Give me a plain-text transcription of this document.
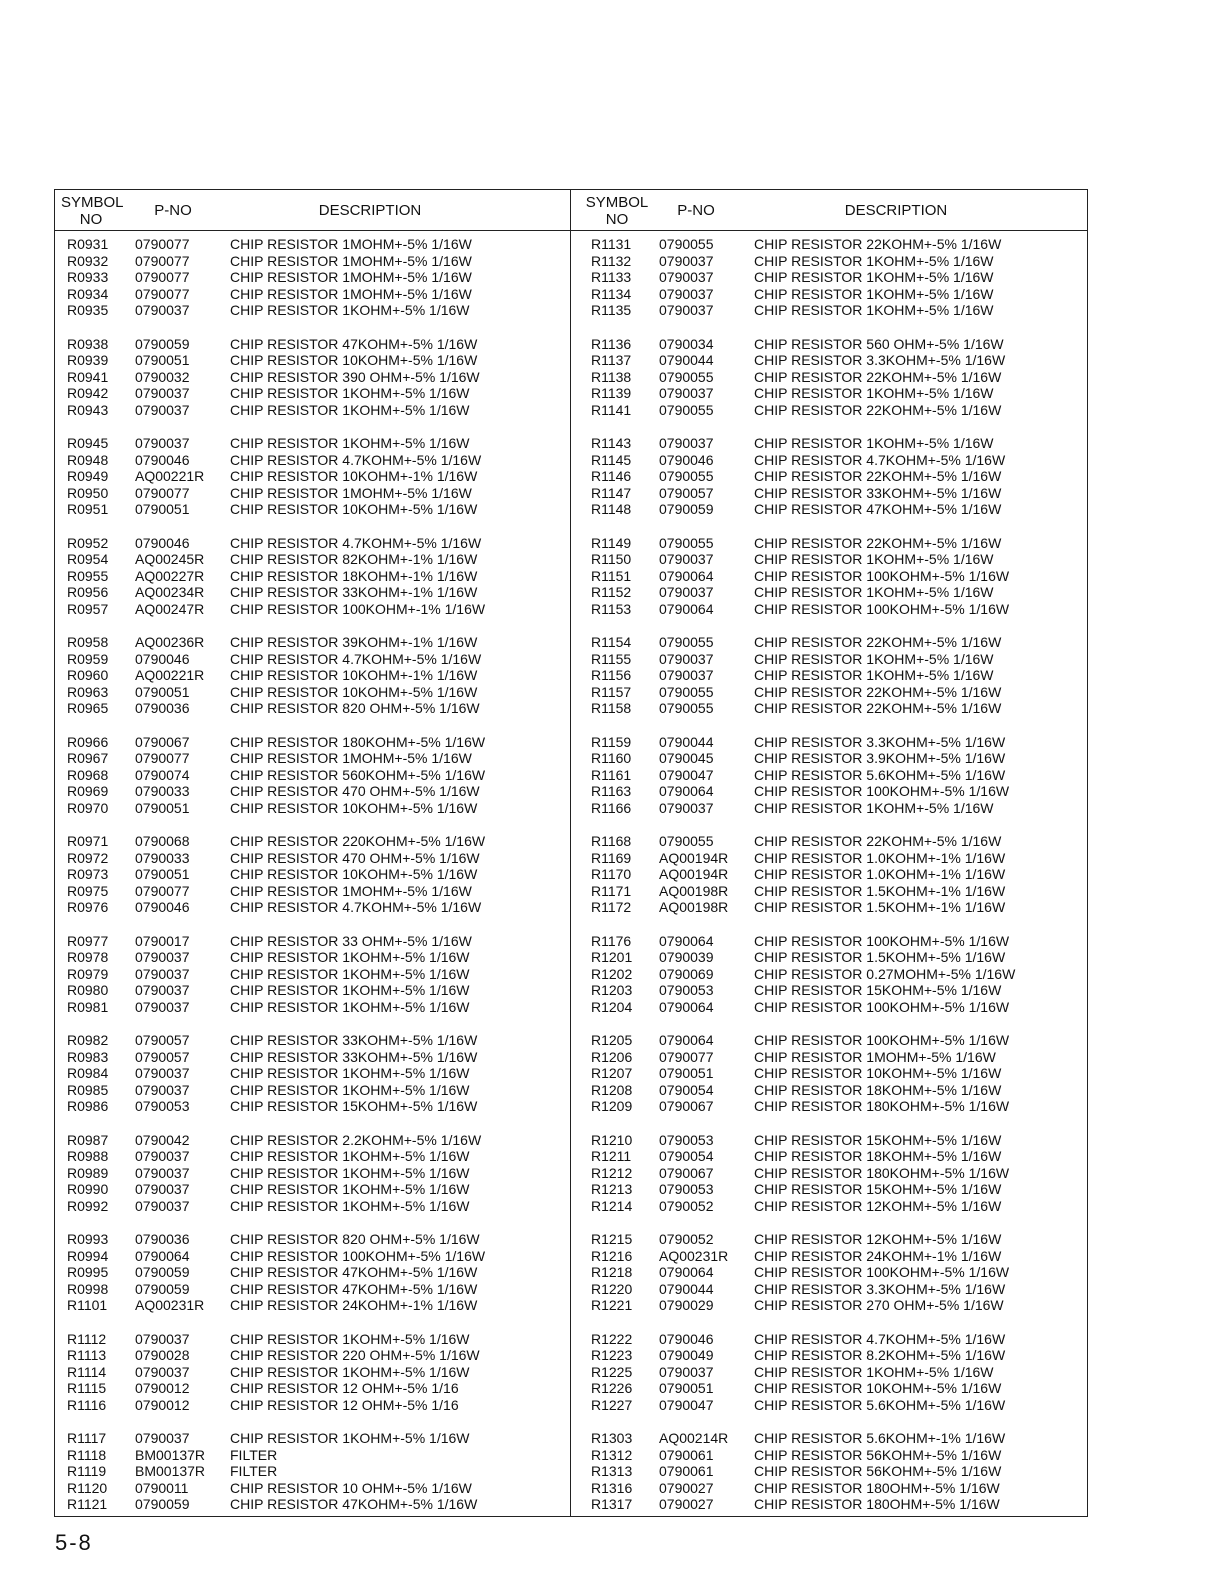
SYMBOL
NO
P-NO	DESCRIPTION	SYMBOL
NO
P-NO	DESCRIPTION
R0931	0790077	CHIP RESISTOR 1MOHM+-5% 1/16W
R0932	0790077	CHIP RESISTOR 1MOHM+-5% 1/16W
R0933	0790077	CHIP RESISTOR 1MOHM+-5% 1/16W
R0934	0790077	CHIP RESISTOR 1MOHM+-5% 1/16W
R0935	0790037	CHIP RESISTOR 1KOHM+-5% 1/16W
R0938	0790059	CHIP RESISTOR 47KOHM+-5% 1/16W
R0939	0790051	CHIP RESISTOR 10KOHM+-5% 1/16W
R0941	0790032	CHIP RESISTOR 390 OHM+-5% 1/16W
R0942	0790037	CHIP RESISTOR 1KOHM+-5% 1/16W
R0943	0790037	CHIP RESISTOR 1KOHM+-5% 1/16W
R0945	0790037	CHIP RESISTOR 1KOHM+-5% 1/16W
R0948	0790046	CHIP RESISTOR 4.7KOHM+-5% 1/16W
R0949	AQ00221R	CHIP RESISTOR 10KOHM+-1% 1/16W
R0950	0790077	CHIP RESISTOR 1MOHM+-5% 1/16W
R0951	0790051	CHIP RESISTOR 10KOHM+-5% 1/16W
R0952	0790046	CHIP RESISTOR 4.7KOHM+-5% 1/16W
R0954	AQ00245R	CHIP RESISTOR 82KOHM+-1% 1/16W
R0955	AQ00227R	CHIP RESISTOR 18KOHM+-1% 1/16W
R0956	AQ00234R	CHIP RESISTOR 33KOHM+-1% 1/16W
R0957	AQ00247R	CHIP RESISTOR 100KOHM+-1% 1/16W
R0958	AQ00236R	CHIP RESISTOR 39KOHM+-1% 1/16W
R0959	0790046	CHIP RESISTOR 4.7KOHM+-5% 1/16W
R0960	AQ00221R	CHIP RESISTOR 10KOHM+-1% 1/16W
R0963	0790051	CHIP RESISTOR 10KOHM+-5% 1/16W
R0965	0790036	CHIP RESISTOR 820 OHM+-5% 1/16W
R0966	0790067	CHIP RESISTOR 180KOHM+-5% 1/16W
R0967	0790077	CHIP RESISTOR 1MOHM+-5% 1/16W
R0968	0790074	CHIP RESISTOR 560KOHM+-5% 1/16W
R0969	0790033	CHIP RESISTOR 470 OHM+-5% 1/16W
R0970	0790051	CHIP RESISTOR 10KOHM+-5% 1/16W
R0971	0790068	CHIP RESISTOR 220KOHM+-5% 1/16W
R0972	0790033	CHIP RESISTOR 470 OHM+-5% 1/16W
R0973	0790051	CHIP RESISTOR 10KOHM+-5% 1/16W
R0975	0790077	CHIP RESISTOR 1MOHM+-5% 1/16W
R0976	0790046	CHIP RESISTOR 4.7KOHM+-5% 1/16W
R0977	0790017	CHIP RESISTOR 33 OHM+-5% 1/16W
R0978	0790037	CHIP RESISTOR 1KOHM+-5% 1/16W
R0979	0790037	CHIP RESISTOR 1KOHM+-5% 1/16W
R0980	0790037	CHIP RESISTOR 1KOHM+-5% 1/16W
R0981	0790037	CHIP RESISTOR 1KOHM+-5% 1/16W
R0982	0790057	CHIP RESISTOR 33KOHM+-5% 1/16W
R0983	0790057	CHIP RESISTOR 33KOHM+-5% 1/16W
R0984	0790037	CHIP RESISTOR 1KOHM+-5% 1/16W
R0985	0790037	CHIP RESISTOR 1KOHM+-5% 1/16W
R0986	0790053	CHIP RESISTOR 15KOHM+-5% 1/16W
R0987	0790042	CHIP RESISTOR 2.2KOHM+-5% 1/16W
R0988	0790037	CHIP RESISTOR 1KOHM+-5% 1/16W
R0989	0790037	CHIP RESISTOR 1KOHM+-5% 1/16W
R0990	0790037	CHIP RESISTOR 1KOHM+-5% 1/16W
R0992	0790037	CHIP RESISTOR 1KOHM+-5% 1/16W
R0993	0790036	CHIP RESISTOR 820 OHM+-5% 1/16W
R0994	0790064	CHIP RESISTOR 100KOHM+-5% 1/16W
R0995	0790059	CHIP RESISTOR 47KOHM+-5% 1/16W
R0998	0790059	CHIP RESISTOR 47KOHM+-5% 1/16W
R1101	AQ00231R	CHIP RESISTOR 24KOHM+-1% 1/16W
R1112	0790037	CHIP RESISTOR 1KOHM+-5% 1/16W
R1113	0790028	CHIP RESISTOR 220 OHM+-5% 1/16W
R1114	0790037	CHIP RESISTOR 1KOHM+-5% 1/16W
R1115	0790012	CHIP RESISTOR 12 OHM+-5% 1/16
R1116	0790012	CHIP RESISTOR 12 OHM+-5% 1/16
R1117	0790037	CHIP RESISTOR 1KOHM+-5% 1/16W
R1118	BM00137R	FILTER
R1119	BM00137R	FILTER
R1120	0790011	CHIP RESISTOR 10 OHM+-5% 1/16W
R1121	0790059	CHIP RESISTOR 47KOHM+-5% 1/16W
R1131	0790055	CHIP RESISTOR 22KOHM+-5% 1/16W
R1132	0790037	CHIP RESISTOR 1KOHM+-5% 1/16W
R1133	0790037	CHIP RESISTOR 1KOHM+-5% 1/16W
R1134	0790037	CHIP RESISTOR 1KOHM+-5% 1/16W
R1135	0790037	CHIP RESISTOR 1KOHM+-5% 1/16W
R1136	0790034	CHIP RESISTOR 560 OHM+-5% 1/16W
R1137	0790044	CHIP RESISTOR 3.3KOHM+-5% 1/16W
R1138	0790055	CHIP RESISTOR 22KOHM+-5% 1/16W
R1139	0790037	CHIP RESISTOR 1KOHM+-5% 1/16W
R1141	0790055	CHIP RESISTOR 22KOHM+-5% 1/16W
R1143	0790037	CHIP RESISTOR 1KOHM+-5% 1/16W
R1145	0790046	CHIP RESISTOR 4.7KOHM+-5% 1/16W
R1146	0790055	CHIP RESISTOR 22KOHM+-5% 1/16W
R1147	0790057	CHIP RESISTOR 33KOHM+-5% 1/16W
R1148	0790059	CHIP RESISTOR 47KOHM+-5% 1/16W
R1149	0790055	CHIP RESISTOR 22KOHM+-5% 1/16W
R1150	0790037	CHIP RESISTOR 1KOHM+-5% 1/16W
R1151	0790064	CHIP RESISTOR 100KOHM+-5% 1/16W
R1152	0790037	CHIP RESISTOR 1KOHM+-5% 1/16W
R1153	0790064	CHIP RESISTOR 100KOHM+-5% 1/16W
R1154	0790055	CHIP RESISTOR 22KOHM+-5% 1/16W
R1155	0790037	CHIP RESISTOR 1KOHM+-5% 1/16W
R1156	0790037	CHIP RESISTOR 1KOHM+-5% 1/16W
R1157	0790055	CHIP RESISTOR 22KOHM+-5% 1/16W
R1158	0790055	CHIP RESISTOR 22KOHM+-5% 1/16W
R1159	0790044	CHIP RESISTOR 3.3KOHM+-5% 1/16W
R1160	0790045	CHIP RESISTOR 3.9KOHM+-5% 1/16W
R1161	0790047	CHIP RESISTOR 5.6KOHM+-5% 1/16W
R1163	0790064	CHIP RESISTOR 100KOHM+-5% 1/16W
R1166	0790037	CHIP RESISTOR 1KOHM+-5% 1/16W
R1168	0790055	CHIP RESISTOR 22KOHM+-5% 1/16W
R1169	AQ00194R	CHIP RESISTOR 1.0KOHM+-1% 1/16W
R1170	AQ00194R	CHIP RESISTOR 1.0KOHM+-1% 1/16W
R1171	AQ00198R	CHIP RESISTOR 1.5KOHM+-1% 1/16W
R1172	AQ00198R	CHIP RESISTOR 1.5KOHM+-1% 1/16W
R1176	0790064	CHIP RESISTOR 100KOHM+-5% 1/16W
R1201	0790039	CHIP RESISTOR 1.5KOHM+-5% 1/16W
R1202	0790069	CHIP RESISTOR 0.27MOHM+-5% 1/16W
R1203	0790053	CHIP RESISTOR 15KOHM+-5% 1/16W
R1204	0790064	CHIP RESISTOR 100KOHM+-5% 1/16W
R1205	0790064	CHIP RESISTOR 100KOHM+-5% 1/16W
R1206	0790077	CHIP RESISTOR 1MOHM+-5% 1/16W
R1207	0790051	CHIP RESISTOR 10KOHM+-5% 1/16W
R1208	0790054	CHIP RESISTOR 18KOHM+-5% 1/16W
R1209	0790067	CHIP RESISTOR 180KOHM+-5% 1/16W
R1210	0790053	CHIP RESISTOR 15KOHM+-5% 1/16W
R1211	0790054	CHIP RESISTOR 18KOHM+-5% 1/16W
R1212	0790067	CHIP RESISTOR 180KOHM+-5% 1/16W
R1213	0790053	CHIP RESISTOR 15KOHM+-5% 1/16W
R1214	0790052	CHIP RESISTOR 12KOHM+-5% 1/16W
R1215	0790052	CHIP RESISTOR 12KOHM+-5% 1/16W
R1216	AQ00231R	CHIP RESISTOR 24KOHM+-1% 1/16W
R1218	0790064	CHIP RESISTOR 100KOHM+-5% 1/16W
R1220	0790044	CHIP RESISTOR 3.3KOHM+-5% 1/16W
R1221	0790029	CHIP RESISTOR 270 OHM+-5% 1/16W
R1222	0790046	CHIP RESISTOR 4.7KOHM+-5% 1/16W
R1223	0790049	CHIP RESISTOR 8.2KOHM+-5% 1/16W
R1225	0790037	CHIP RESISTOR 1KOHM+-5% 1/16W
R1226	0790051	CHIP RESISTOR 10KOHM+-5% 1/16W
R1227	0790047	CHIP RESISTOR 5.6KOHM+-5% 1/16W
R1303	AQ00214R	CHIP RESISTOR 5.6KOHM+-1% 1/16W
R1312	0790061	CHIP RESISTOR 56KOHM+-5% 1/16W
R1313	0790061	CHIP RESISTOR 56KOHM+-5% 1/16W
R1316	0790027	CHIP RESISTOR 180OHM+-5% 1/16W
R1317	0790027	CHIP RESISTOR 180OHM+-5% 1/16W
5-8
